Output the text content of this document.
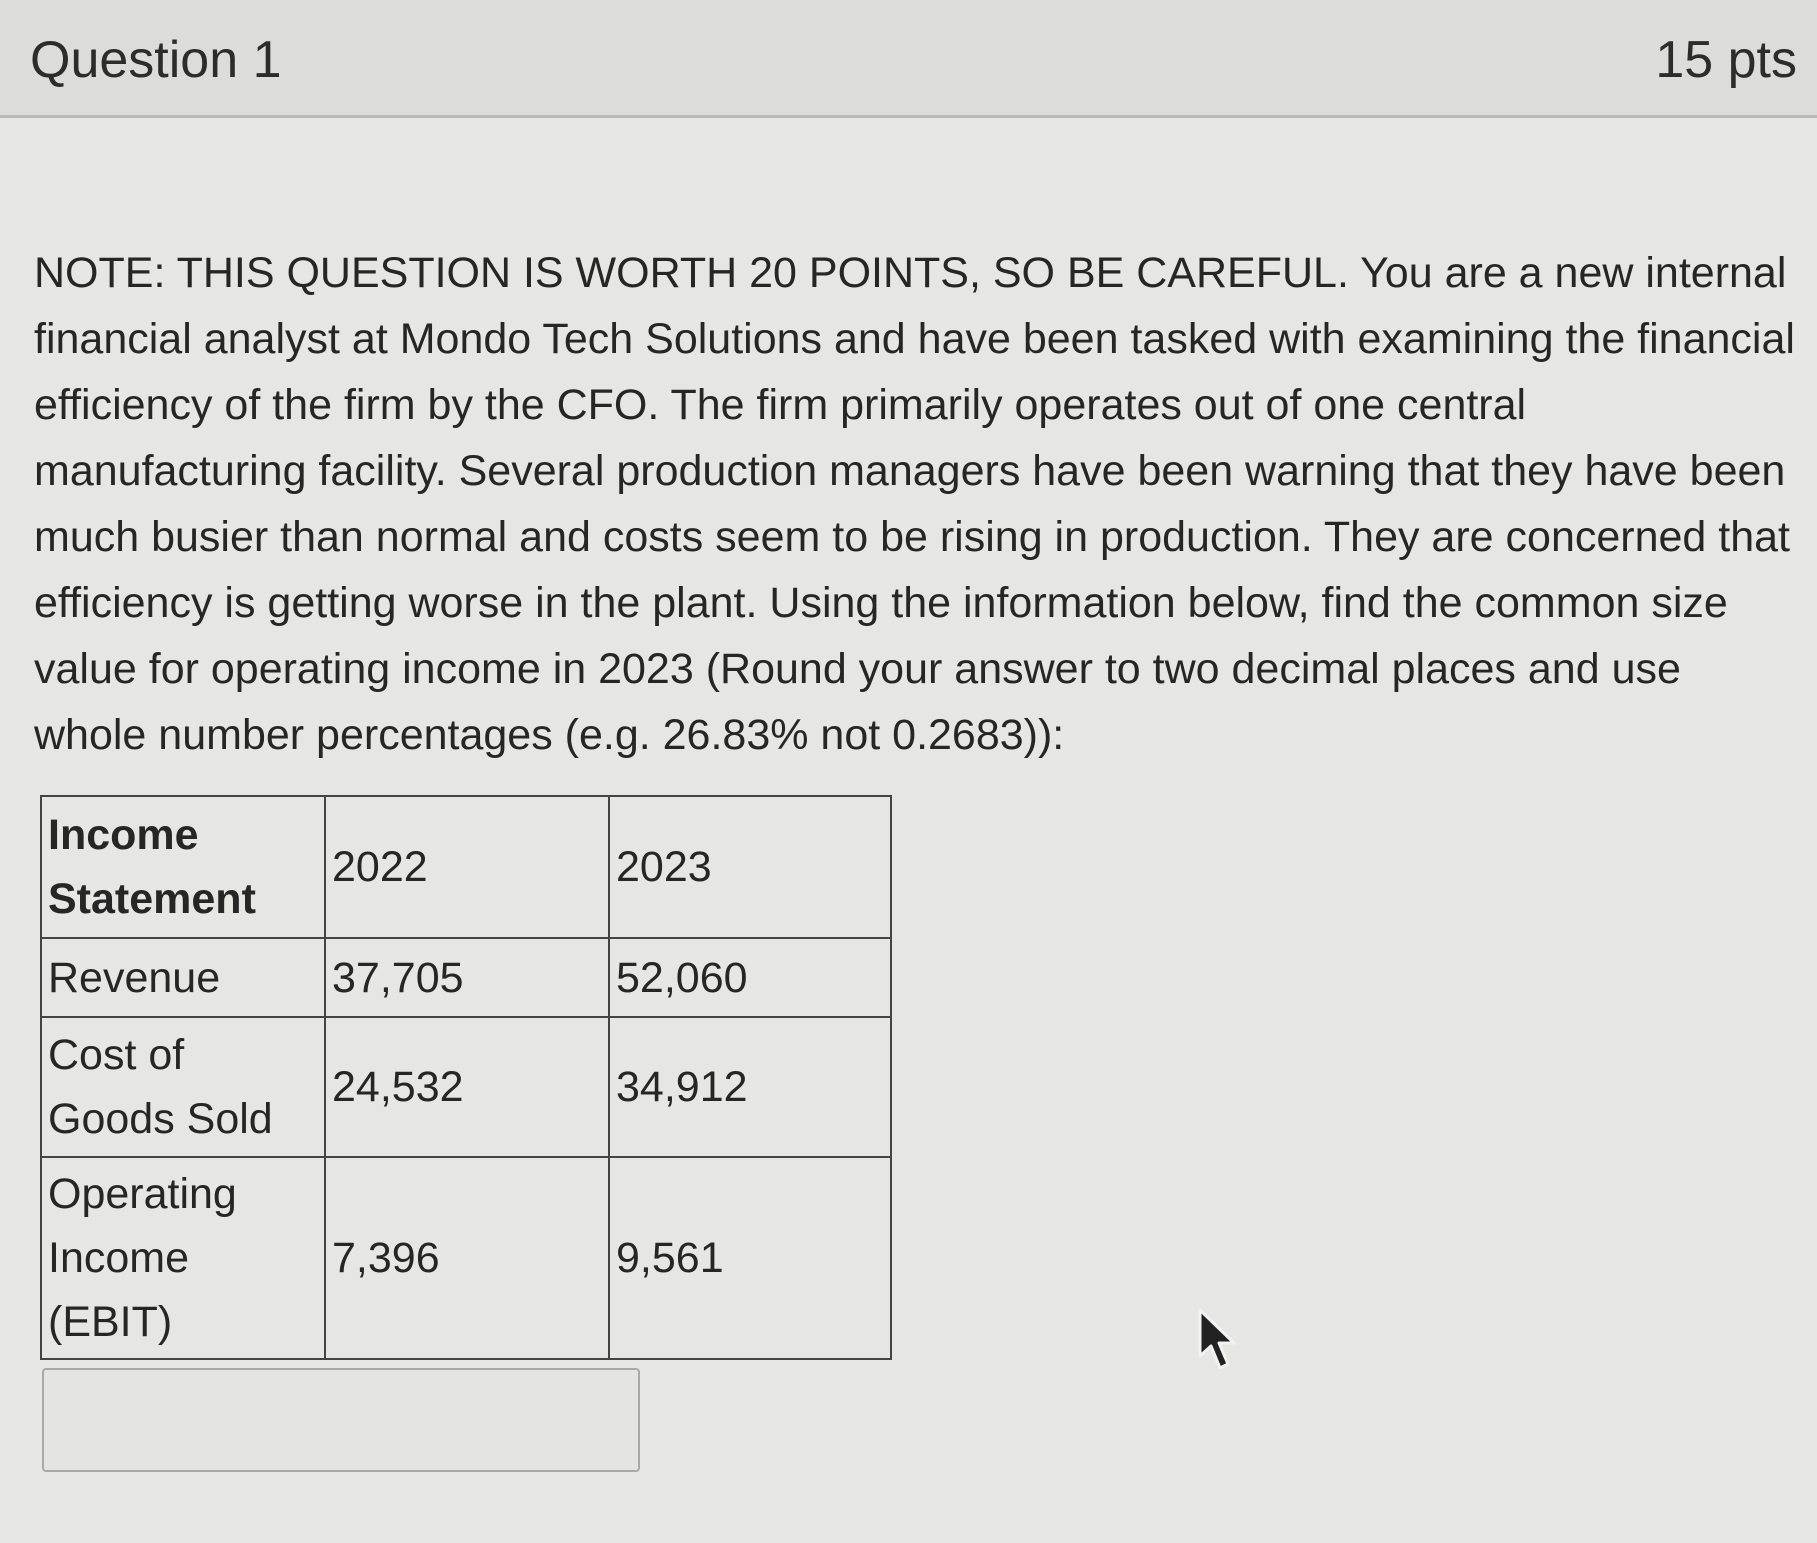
Question 1	15 pts

NOTE: THIS QUESTION IS WORTH 20 POINTS, SO BE CAREFUL. You are a new internal financial analyst at Mondo Tech Solutions and have been tasked with examining the financial efficiency of the firm by the CFO. The firm primarily operates out of one central manufacturing facility. Several production managers have been warning that they have been much busier than normal and costs seem to be rising in production. They are concerned that efficiency is getting worse in the plant. Using the information below, find the common size value for operating income in 2023 (Round your answer to two decimal places and use whole number percentages (e.g. 26.83% not 0.2683)):

Income Statement	2022	2023
Revenue	37,705	52,060
Cost of Goods Sold	24,532	34,912
Operating Income (EBIT)	7,396	9,561
